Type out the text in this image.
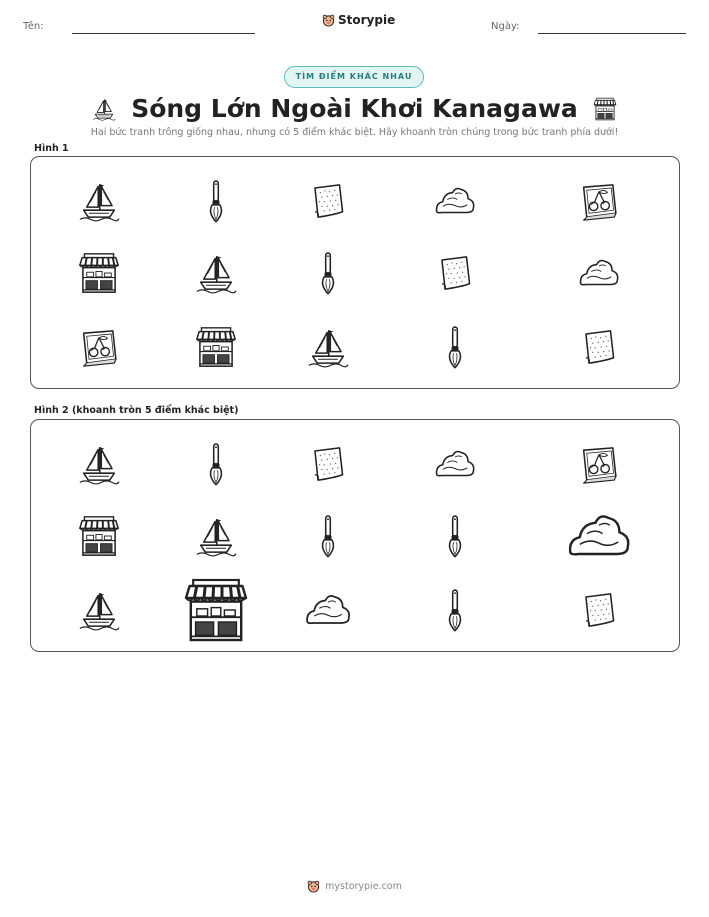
Tên:	Storypie	Ngày:
TÌM ĐIỂM KHÁC NHAU
Sóng Lớn Ngoài Khơi Kanagawa
Hai bức tranh trông giống nhau, nhưng có 5 điểm khác biệt. Hãy khoanh tròn chúng trong bức tranh phía dưới!
Hình 1
Hình 2 (khoanh tròn 5 điểm khác biệt)
mystorypie.com
